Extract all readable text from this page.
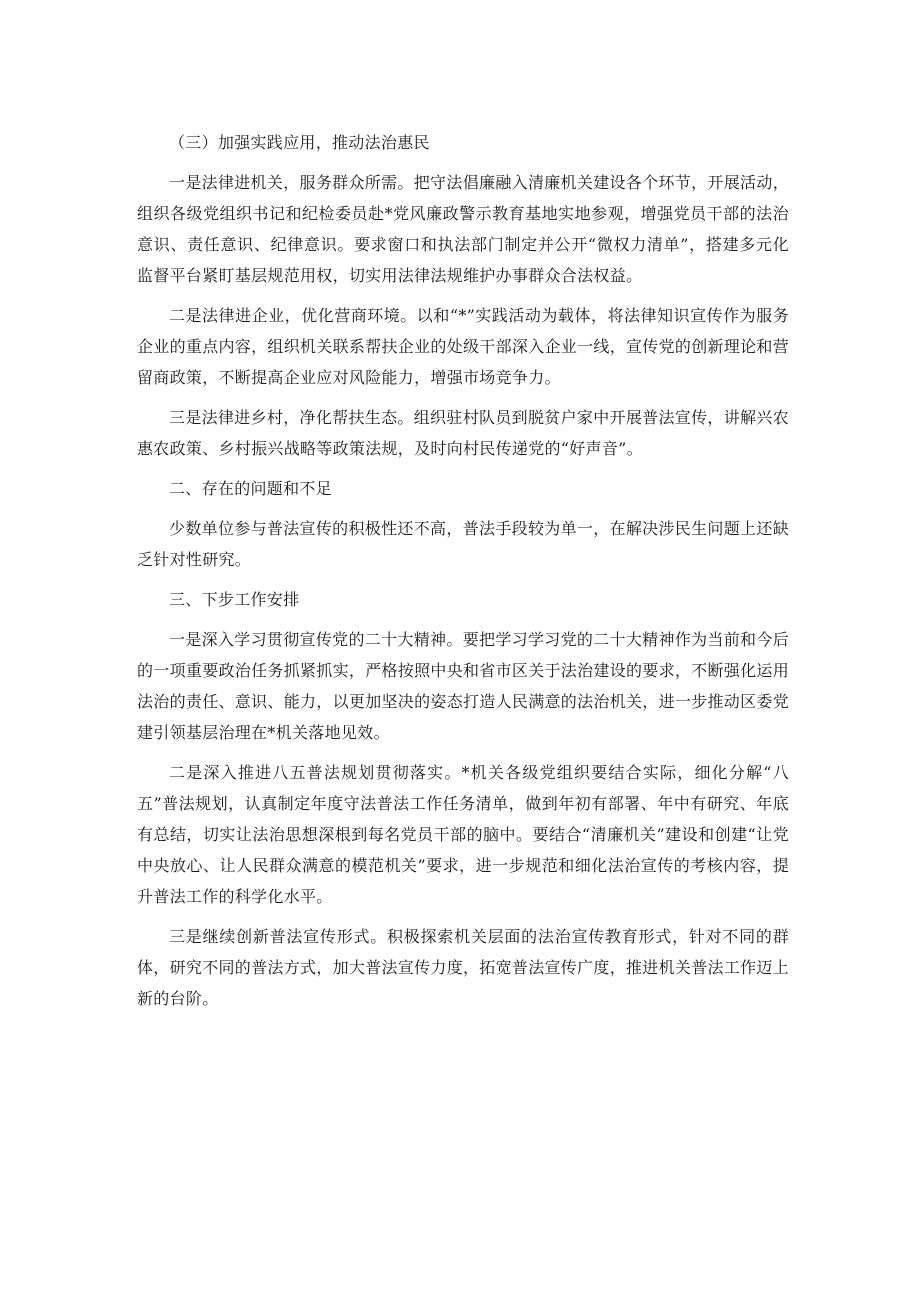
（三）加强实践应用，推动法治惠民

一是法律进机关，服务群众所需。把守法倡廉融入清廉机关建设各个环节，开展活动，组织各级党组织书记和纪检委员赴*党风廉政警示教育基地实地参观，增强党员干部的法治意识、责任意识、纪律意识。要求窗口和执法部门制定并公开“微权力清单”，搭建多元化监督平台紧盯基层规范用权，切实用法律法规维护办事群众合法权益。

二是法律进企业，优化营商环境。以和“*”实践活动为载体，将法律知识宣传作为服务企业的重点内容，组织机关联系帮扶企业的处级干部深入企业一线，宣传党的创新理论和营留商政策，不断提高企业应对风险能力，增强市场竞争力。

三是法律进乡村，净化帮扶生态。组织驻村队员到脱贫户家中开展普法宣传，讲解兴农惠农政策、乡村振兴战略等政策法规，及时向村民传递党的“好声音”。

二、存在的问题和不足

少数单位参与普法宣传的积极性还不高，普法手段较为单一，在解决涉民生问题上还缺乏针对性研究。

三、下步工作安排

一是深入学习贯彻宣传党的二十大精神。要把学习学习党的二十大精神作为当前和今后的一项重要政治任务抓紧抓实，严格按照中央和省市区关于法治建设的要求，不断强化运用法治的责任、意识、能力，以更加坚决的姿态打造人民满意的法治机关，进一步推动区委党建引领基层治理在*机关落地见效。

二是深入推进八五普法规划贯彻落实。*机关各级党组织要结合实际，细化分解“八五”普法规划，认真制定年度守法普法工作任务清单，做到年初有部署、年中有研究、年底有总结，切实让法治思想深根到每名党员干部的脑中。要结合“清廉机关”建设和创建“让党中央放心、让人民群众满意的模范机关”要求，进一步规范和细化法治宣传的考核内容，提升普法工作的科学化水平。

三是继续创新普法宣传形式。积极探索机关层面的法治宣传教育形式，针对不同的群体，研究不同的普法方式，加大普法宣传力度，拓宽普法宣传广度，推进机关普法工作迈上新的台阶。
